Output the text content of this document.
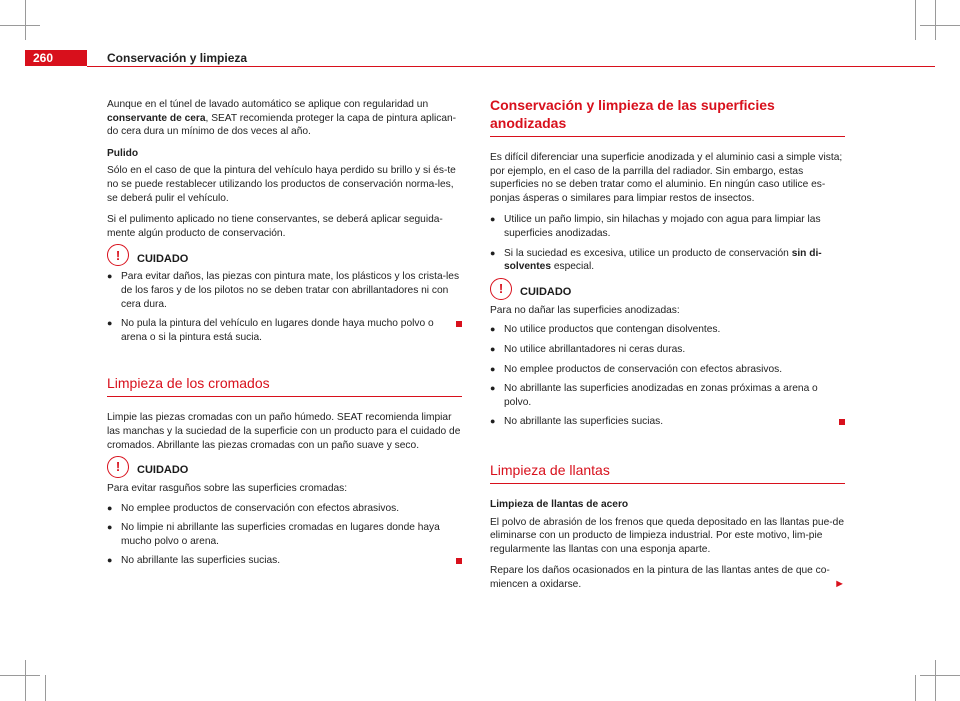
260	Conservación y limpieza

Aunque en el túnel de lavado automático se aplique con regularidad un conservante de cera, SEAT recomienda proteger la capa de pintura aplican-do cera dura un mínimo de dos veces al año.

Pulido

Sólo en el caso de que la pintura del vehículo haya perdido su brillo y si és-te no se puede restablecer utilizando los productos de conservación norma-les, se deberá pulir el vehículo.

Si el pulimento aplicado no tiene conservantes, se deberá aplicar seguida-mente algún producto de conservación.

!	CUIDADO
● Para evitar daños, las piezas con pintura mate, los plásticos y los crista-les de los faros y de los pilotos no se deben tratar con abrillantadores ni con cera dura.
● No pula la pintura del vehículo en lugares donde haya mucho polvo o arena o si la pintura está sucia.
Limpieza de los cromados

Limpie las piezas cromadas con un paño húmedo. SEAT recomienda limpiar las manchas y la suciedad de la superficie con un producto para el cuidado de cromados. Abrillante las piezas cromadas con un paño suave y seco.

!	CUIDADO

Para evitar rasguños sobre las superficies cromadas:

● No emplee productos de conservación con efectos abrasivos.
● No limpie ni abrillante las superficies cromadas en lugares donde haya mucho polvo o arena.
● No abrillante las superficies sucias.
Conservación y limpieza de las superficies anodizadas

Es difícil diferenciar una superficie anodizada y el aluminio casi a simple vista; por ejemplo, en el caso de la parrilla del radiador. Sin embargo, estas superficies no se deben tratar como el aluminio. En ningún caso utilice es-ponjas ásperas o similares para limpiar restos de insectos.

● Utilice un paño limpio, sin hilachas y mojado con agua para limpiar las superficies anodizadas.
● Si la suciedad es excesiva, utilice un producto de conservación sin di-solventes especial.
!	CUIDADO

Para no dañar las superficies anodizadas:

● No utilice productos que contengan disolventes.
● No utilice abrillantadores ni ceras duras.
● No emplee productos de conservación con efectos abrasivos.
● No abrillante las superficies anodizadas en zonas próximas a arena o polvo.
● No abrillante las superficies sucias.
Limpieza de llantas

Limpieza de llantas de acero

El polvo de abrasión de los frenos que queda depositado en las llantas pue-de eliminarse con un producto de limpieza industrial. Por este motivo, lim-pie regularmente las llantas con una esponja aparte.

Repare los daños ocasionados en la pintura de las llantas antes de que co-miencen a oxidarse.	►
